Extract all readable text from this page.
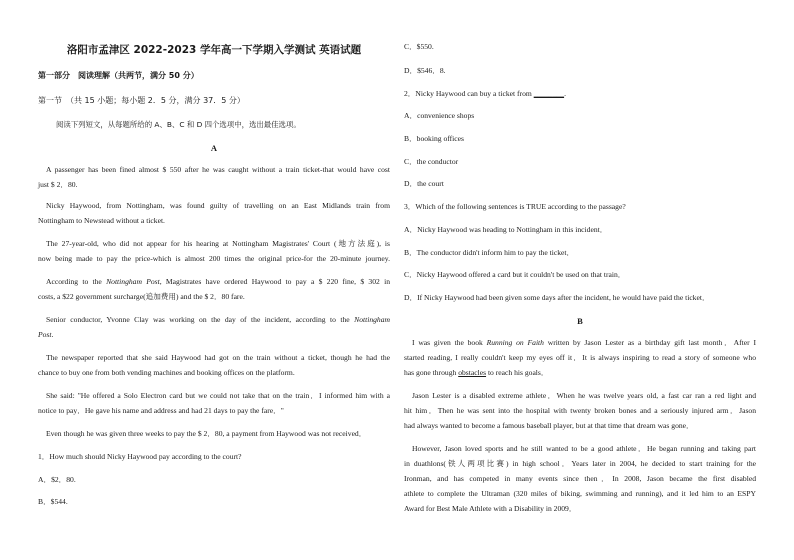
洛阳市孟津区 2022-2023 学年高一下学期入学测试 英语试题
第一部分　阅读理解（共两节，满分 50 分）
第一节　（共 15 小题；每小题 2．5 分，满分 37．5 分）
阅读下列短文，从每题所给的 A、B、C 和 D 四个选项中，选出最佳选项。
A
A passenger has been fined almost $ 550 after he was caught without a train ticket-that would have cost
just $ 2．80.
Nicky Haywood, from Nottingham, was found guilty of travelling on an East Midlands train from
Nottingham to Newstead without a ticket.
The 27-year-old, who did not appear for his hearing at Nottingham Magistrates' Court (地方法庭), is
now being made to pay the price-which is almost 200 times the original price-for the 20-minute journey.
According to the Nottingham Post, Magistrates have ordered Haywood to pay a $ 220 fine, $ 302 in
costs, a $22 government surcharge(追加费用) and the $ 2．80 fare.
Senior conductor, Yvonne Clay was working on the day of the incident, according to the Nottingham
Post.
The newspaper reported that she said Haywood had got on the train without a ticket, though he had the
chance to buy one from both vending machines and booking offices on the platform.
She said: "He offered a Solo Electron card but we could not take that on the train．I informed him with a
notice to pay．He gave his name and address and had 21 days to pay the fare．"
Even though he was given three weeks to pay the $ 2．80, a payment from Haywood was not received．
1．How much should Nicky Haywood pay according to the court?
A．$2．80.
B．$544.
C．$550.
D．$546．8.
2．Nicky Haywood can buy a ticket from ________.
A．convenience shops
B．booking offices
C．the conductor
D．the court
3．Which of the following sentences is TRUE according to the passage?
A．Nicky Haywood was heading to Nottingham in this incident．
B．The conductor didn't inform him to pay the ticket．
C．Nicky Haywood offered a card but it couldn't be used on that train．
D．If Nicky Haywood had been given some days after the incident, he would have paid the ticket．
B
I was given the book Running on Faith written by Jason Lester as a birthday gift last month．After I
started reading, I really couldn't keep my eyes off it．It is always inspiring to read a story of someone who
has gone through obstacles to reach his goals．
Jason Lester is a disabled extreme athlete．When he was twelve years old, a fast car ran a red light and
hit him．Then he was sent into the hospital with twenty broken bones and a seriously injured arm．Jason
had always wanted to become a famous baseball player, but at that time that dream was gone．
However, Jason loved sports and he still wanted to be a good athlete．He began running and taking part
in duathlons(铁人两项比赛) in high school．Years later in 2004, he decided to start training for the
Ironman, and has competed in many events since then．In 2008, Jason became the first disabled
athlete to complete the Ultraman (320 miles of biking, swimming and running), and it led him to an ESPY
Award for Best Male Athlete with a Disability in 2009．
